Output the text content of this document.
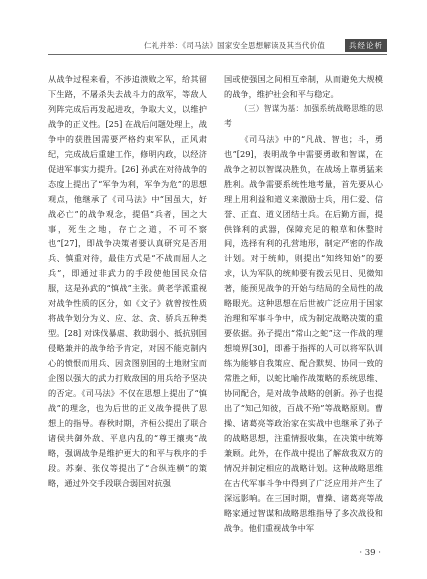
仁礼并举：《司马法》国家安全思想解读及其当代价值	兵经论析

从战争过程来看，不涉追溃败之军，给其留下生路，不屠杀失去战斗力的敌军，等敌人列阵完成后再发起进攻，争取大义，以维护战争的正义性。[25] 在战后问题处理上，战争中的获胜国需要严格约束军队，正风肃纪，完成战后重建工作，修明内政，以经济促进军事实力提升。[26] 孙武在对待战争的态度上提出了“军争为利，军争为危”的思想观点，他继承了《司马法》中“国虽大，好战必亡”的战争观念，提倡“兵者，国之大事，死生之地，存亡之道，不可不察也”[27]，即战争决策者要认真研究是否用兵、慎重对待，最佳方式是“不战而屈人之兵”，即通过非武力的手段使他国民众信服，这是孙武的“慎战”主张。黄老学派重视对战争性质的区分，如《文子》就曾按性质将战争划分为义、应、忿、贪、骄兵五种类型。[28] 对诛伐暴虐、救助弱小、抵抗别国侵略兼并的战争给予肯定，对因不能克制内心的愤恨而用兵、因贪图别国的土地财宝而企图以强大的武力打败敌国的用兵给予坚决的否定。《司马法》不仅在思想上提出了“慎战”的理念，也为后世的正义战争提供了思想上的指导。春秋时期，齐桓公提出了联合诸侯共御外敌、平息内乱的“尊王攘夷”战略，强调战争是维护更大的和平与秩序的手段。苏秦、张仪等提出了“合纵连横”的策略，通过外交手段联合弱国对抗强

国或使强国之间相互牵制，从而避免大规模的战争，维护社会和平与稳定。

（三）智谋为基：加强系统战略思维的思考

《司马法》中的“凡战、智也；斗，勇也”[29]，表明战争中需要勇敢和智谋，在战争之初以智谋决胜负，在战场上靠勇猛来胜利。战争需要系统性地考量，首先要从心理上用利益和道义来激励士兵，用仁爱、信誉、正直、道义团结士兵。在后勤方面，提供锋利的武器，保障充足的粮草和休整时间，选择有利的孔营地形，制定严密的作战计划。对于统帅，则提出“知终知始”的要求，认为军队的统帅要有拨云见日、见微知著，能预见战争的开始与结局的全局性的战略眼光。这种思想在后世被广泛应用于国家治理和军事斗争中，成为制定战略决策的重要依据。孙子提出“常山之蛇”这一作战的理想境界[30]，即番于指挥的人可以将军队训练为能够自我策应、配合默契、协同一致的常胜之师，以蛇比喻作战策略的系统思维、协同配合，是对战争战略的创新。孙子也提出了“知己知彼，百战不殆”等战略原则。曹操、诸葛亮等政治家在实战中也继承了孙子的战略思想，注重情报收集，在决策中统筹兼顾。此外，在作战中提出了解敌我双方的情况并制定相应的战略计划。这种战略思维在古代军事斗争中得到了广泛应用并产生了深远影响。在三国时期，曹操、诸葛亮等战略家通过智谋和战略思维指导了多次战役和战争。他们重视战争中军

· 39 ·
